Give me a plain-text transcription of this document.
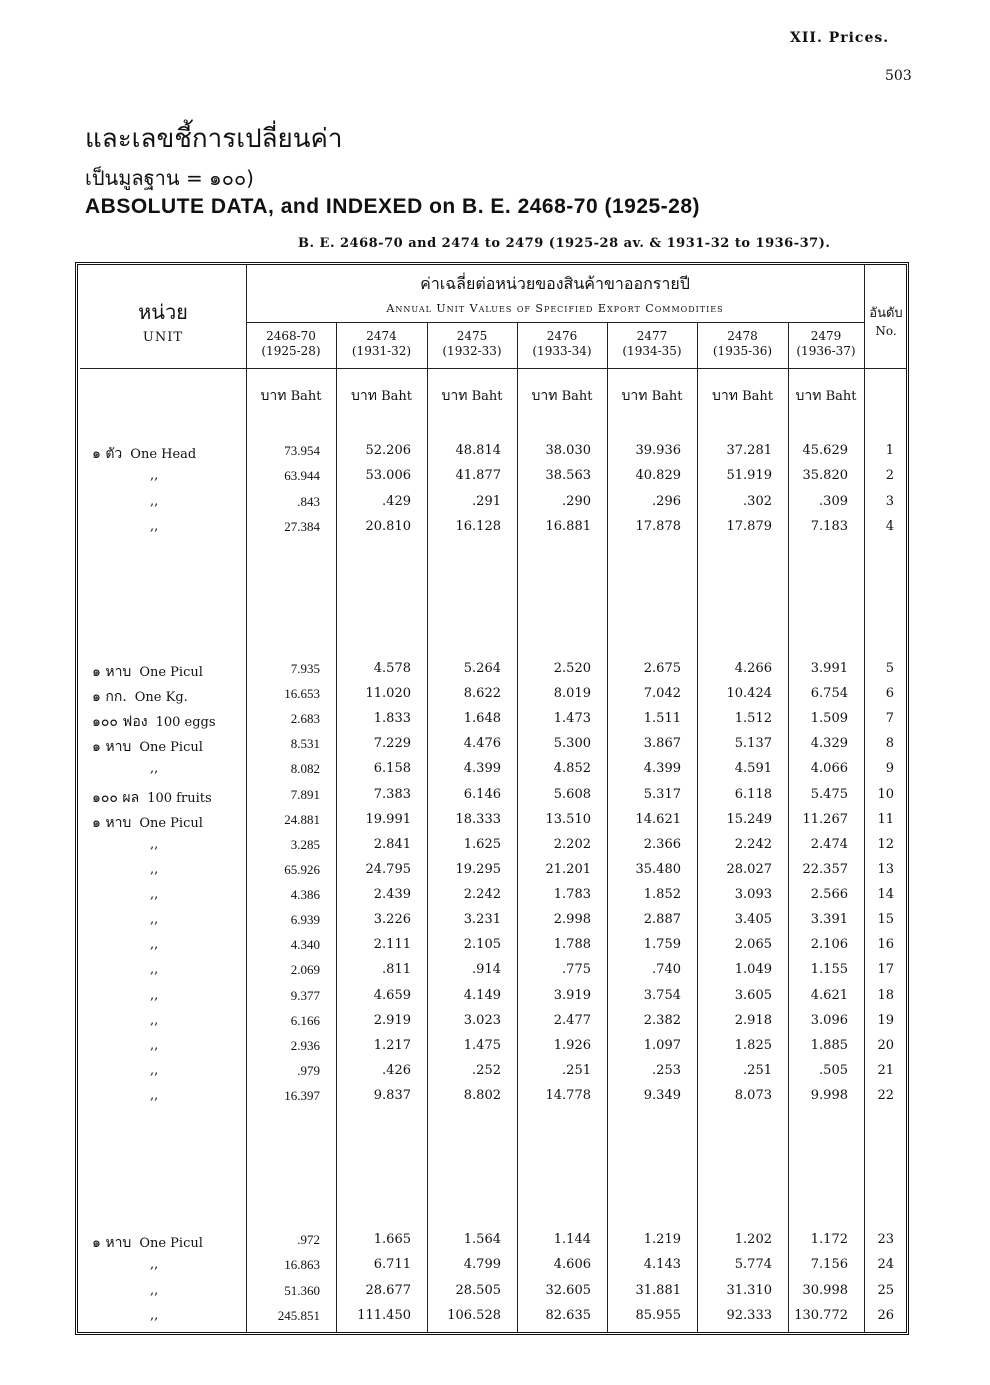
XII. Prices.
503
และเลขชี้การเปลี่ยนค่า
เป็นมูลฐาน = ๑๐๐)
ABSOLUTE DATA, and INDEXED on B. E. 2468-70 (1925-28)
B. E. 2468-70 and 2474 to 2479 (1925-28 av. & 1931-32 to 1936-37).
หน่วย
UNIT
ค่าเฉลี่ยต่อหน่วยของสินค้าขาออกรายปี
Annual Unit Values of Specified Export Commodities	อันดับ
No.
2468-70
(1925-28)
2474
(1931-32)
2475
(1932-33)
2476
(1933-34)
2477
(1934-35)
2478
(1935-36)
2479
(1936-37)
บาท Baht	บาท Baht	บาท Baht	บาท Baht	บาท Baht	บาท Baht	บาท Baht
๑ ตัว One Head	73.954	52.206	48.814	38.030	39.936	37.281	45.629	1
,,	63.944	53.006	41.877	38.563	40.829	51.919	35.820	2
,,	.843	.429	.291	.290	.296	.302	.309	3
,,	27.384	20.810	16.128	16.881	17.878	17.879	7.183	4
๑ หาบ One Picul	7.935	4.578	5.264	2.520	2.675	4.266	3.991	5
๑ กก. One Kg.	16.653	11.020	8.622	8.019	7.042	10.424	6.754	6
๑๐๐ ฟอง 100 eggs	2.683	1.833	1.648	1.473	1.511	1.512	1.509	7
๑ หาบ One Picul	8.531	7.229	4.476	5.300	3.867	5.137	4.329	8
,,	8.082	6.158	4.399	4.852	4.399	4.591	4.066	9
๑๐๐ ผล 100 fruits	7.891	7.383	6.146	5.608	5.317	6.118	5.475	10
๑ หาบ One Picul	24.881	19.991	18.333	13.510	14.621	15.249	11.267	11
,,	3.285	2.841	1.625	2.202	2.366	2.242	2.474	12
,,	65.926	24.795	19.295	21.201	35.480	28.027	22.357	13
,,	4.386	2.439	2.242	1.783	1.852	3.093	2.566	14
,,	6.939	3.226	3.231	2.998	2.887	3.405	3.391	15
,,	4.340	2.111	2.105	1.788	1.759	2.065	2.106	16
,,	2.069	.811	.914	.775	.740	1.049	1.155	17
,,	9.377	4.659	4.149	3.919	3.754	3.605	4.621	18
,,	6.166	2.919	3.023	2.477	2.382	2.918	3.096	19
,,	2.936	1.217	1.475	1.926	1.097	1.825	1.885	20
,,	.979	.426	.252	.251	.253	.251	.505	21
,,	16.397	9.837	8.802	14.778	9.349	8.073	9.998	22
๑ หาบ One Picul	.972	1.665	1.564	1.144	1.219	1.202	1.172	23
,,	16.863	6.711	4.799	4.606	4.143	5.774	7.156	24
,,	51.360	28.677	28.505	32.605	31.881	31.310	30.998	25
,,	245.851	111.450	106.528	82.635	85.955	92.333	130.772	26
